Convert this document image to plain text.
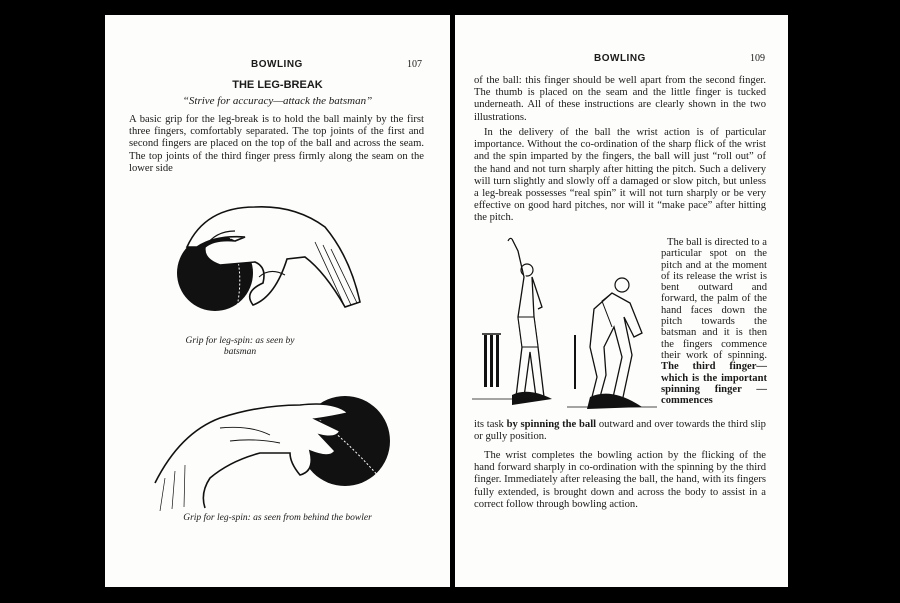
BOWLING	107
THE LEG-BREAK
“Strive for accuracy—attack the batsman”
A basic grip for the leg-break is to hold the ball mainly by the first three fingers, comfortably separated. The top joints of the first and second fingers are placed on the top of the ball and across the seam. The top joints of the third finger press firmly along the seam on the lower side
Grip for leg-spin: as seen by batsman
Grip for leg-spin: as seen from behind the bowler
BOWLING	109
of the ball: this finger should be well apart from the second finger. The thumb is placed on the seam and the little finger is tucked underneath. All of these instructions are clearly shown in the two illustrations.
In the delivery of the ball the wrist action is of particular importance. Without the co-ordination of the sharp flick of the wrist and the spin imparted by the fingers, the ball will just “roll out” of the hand and not turn sharply after hitting the pitch. Such a delivery will turn slightly and slowly off a damaged or slow pitch, but unless a leg-break possesses “real spin” it will not turn sharply or be very effective on good hard pitches, nor will it “make pace” after hitting the pitch.
The ball is directed to a particular spot on the pitch and at the moment of its release the wrist is bent outward and forward, the palm of the hand faces down the pitch towards the batsman and it is then the fingers commence their work of spinning. The third finger—which is the important spinning finger — commences
its task by spinning the ball outward and over towards the third slip or gully position.
The wrist completes the bowling action by the flicking of the hand forward sharply in co-ordination with the spinning by the third finger. Immediately after releasing the ball, the hand, with its fingers fully extended, is brought down and across the body to assist in a correct follow through bowling action.
